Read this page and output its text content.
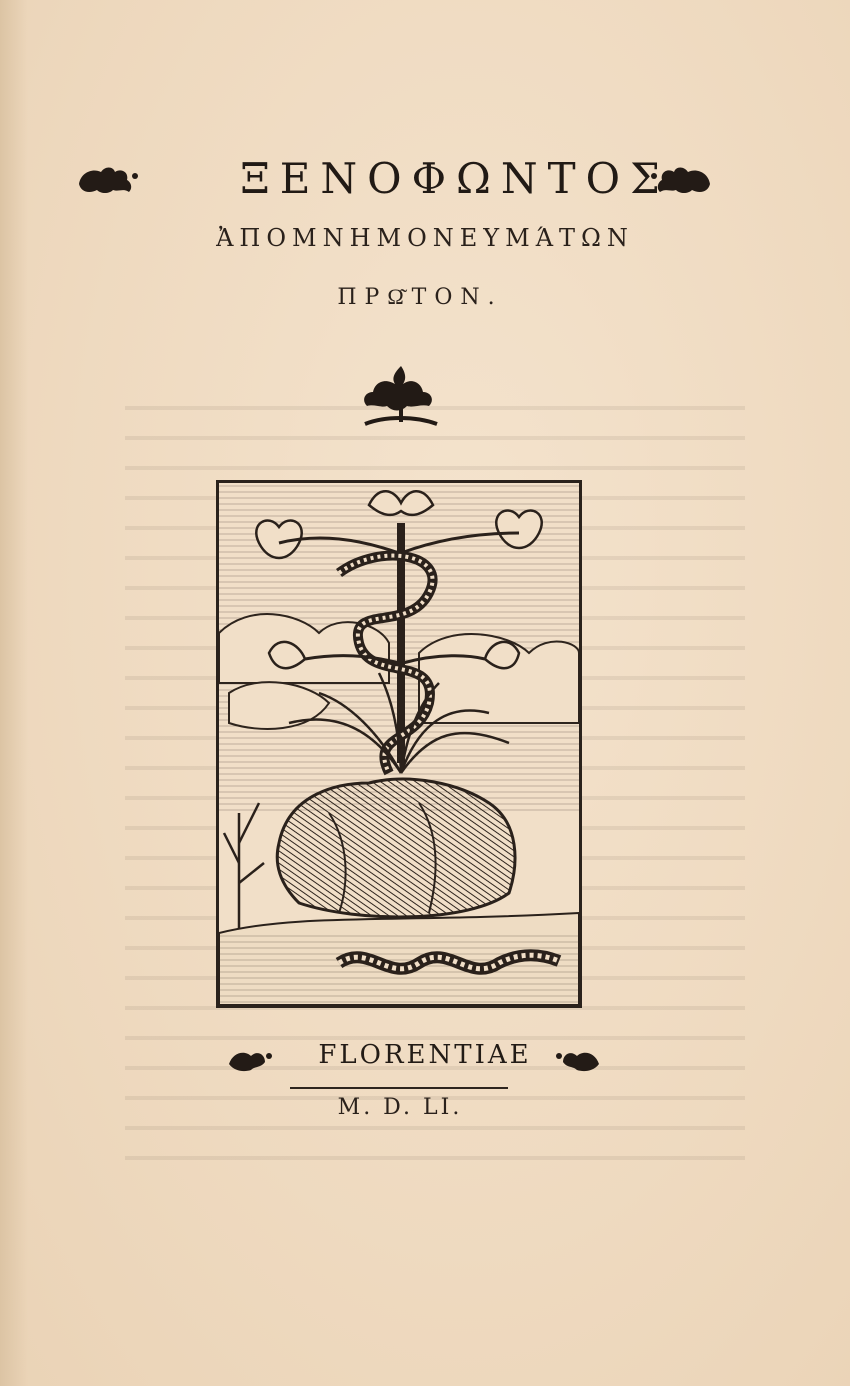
ΞΕΝΟΦΩΝΤΟΣ
ἈΠΟΜΝΗΜΟΝΕΥΜΆΤΩΝ
ΠΡΩ͂ΤΟΝ.
FLORENTIAE
M. D. LI.
